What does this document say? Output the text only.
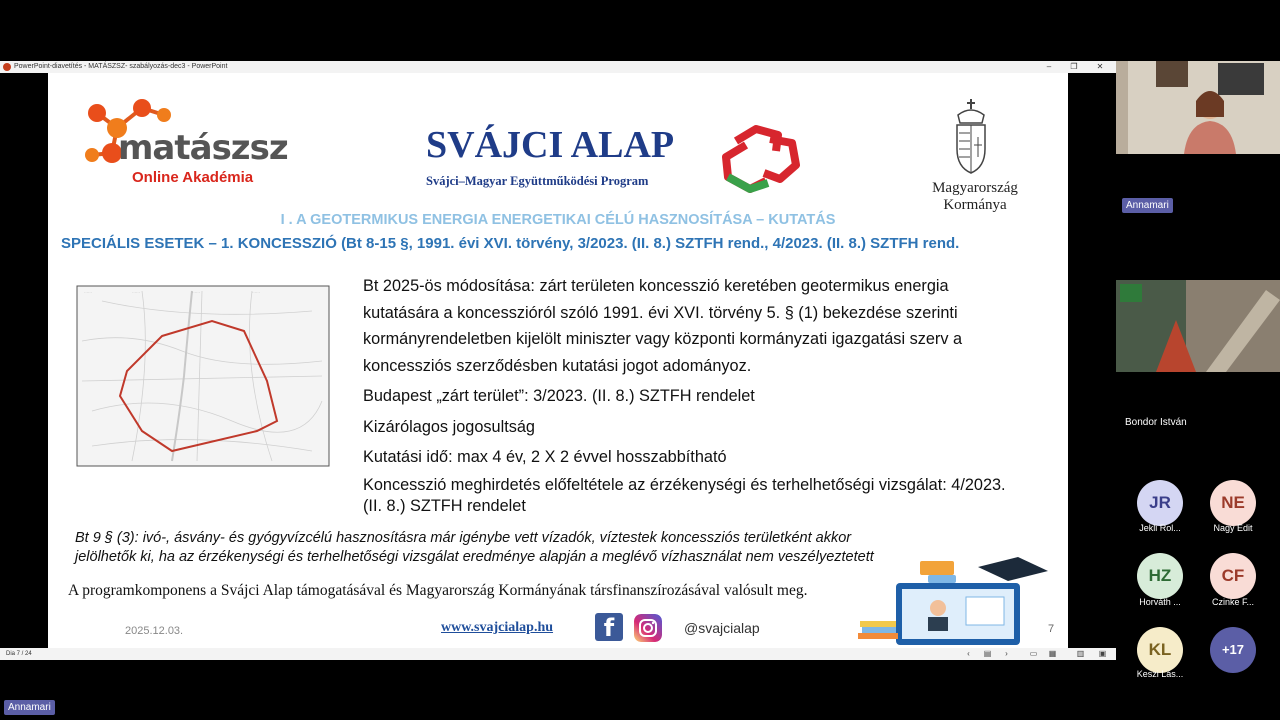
PowerPoint-diavetítés - MATÁSZSZ- szabályozás-dec3 - PowerPoint	–	❐	✕
matászsz
Online Akadémia
SVÁJCI ALAP
Svájci–Magyar Együttműködési Program	Magyarország
Kormánya
I . A GEOTERMIKUS ENERGIA ENERGETIKAI CÉLÚ HASZNOSÍTÁSA – KUTATÁS
SPECIÁLIS ESETEK – 1. KONCESSZIÓ (Bt 8-15 §, 1991. évi XVI. törvény, 3/2023. (II. 8.) SZTFH rend., 4/2023. (II. 8.) SZTFH rend.
……	……	……	……	Bt 2025-ös módosítása: zárt területen koncesszió keretében geotermikus energia kutatására a koncesszióról szóló 1991. évi XVI. törvény 5. § (1) bekezdése szerinti kormányrendeletben kijelölt miniszter vagy központi kormányzati igazgatási szerv a koncessziós szerződésben kutatási jogot adományoz.

Budapest „zárt terület”: 3/2023. (II. 8.) SZTFH rendelet

Kizárólagos jogosultság

Kutatási idő: max 4 év, 2 X 2 évvel hosszabbítható

Koncesszió meghirdetés előfeltétele az érzékenységi és terhelhetőségi vizsgálat: 4/2023. (II. 8.) SZTFH rendelet

Bt 9 § (3): ivó-, ásvány- és gyógyvízcélú hasznosításra már igénybe vett vízadók, víztestek koncessziós területként akkor jelölhetők ki, ha az érzékenységi és terhelhetőségi vizsgálat eredménye alapján a meglévő vízhasználat nem veszélyeztetett
A programkomponens a Svájci Alap támogatásával és Magyarország Kormányának társfinanszírozásával valósult meg.
2025.12.03.	www.svajcialap.hu	f	@svajcialap	7
Dia 7 / 24	‹	▤	›	▭ ▦	▥ ▣
Annamari
Bondor István
JR
Jekli Rol...
NE
Nagy Edit
HZ
Horváth ...
CF
Czinke F...
KL
Keszi Lás...
+17
Annamari
